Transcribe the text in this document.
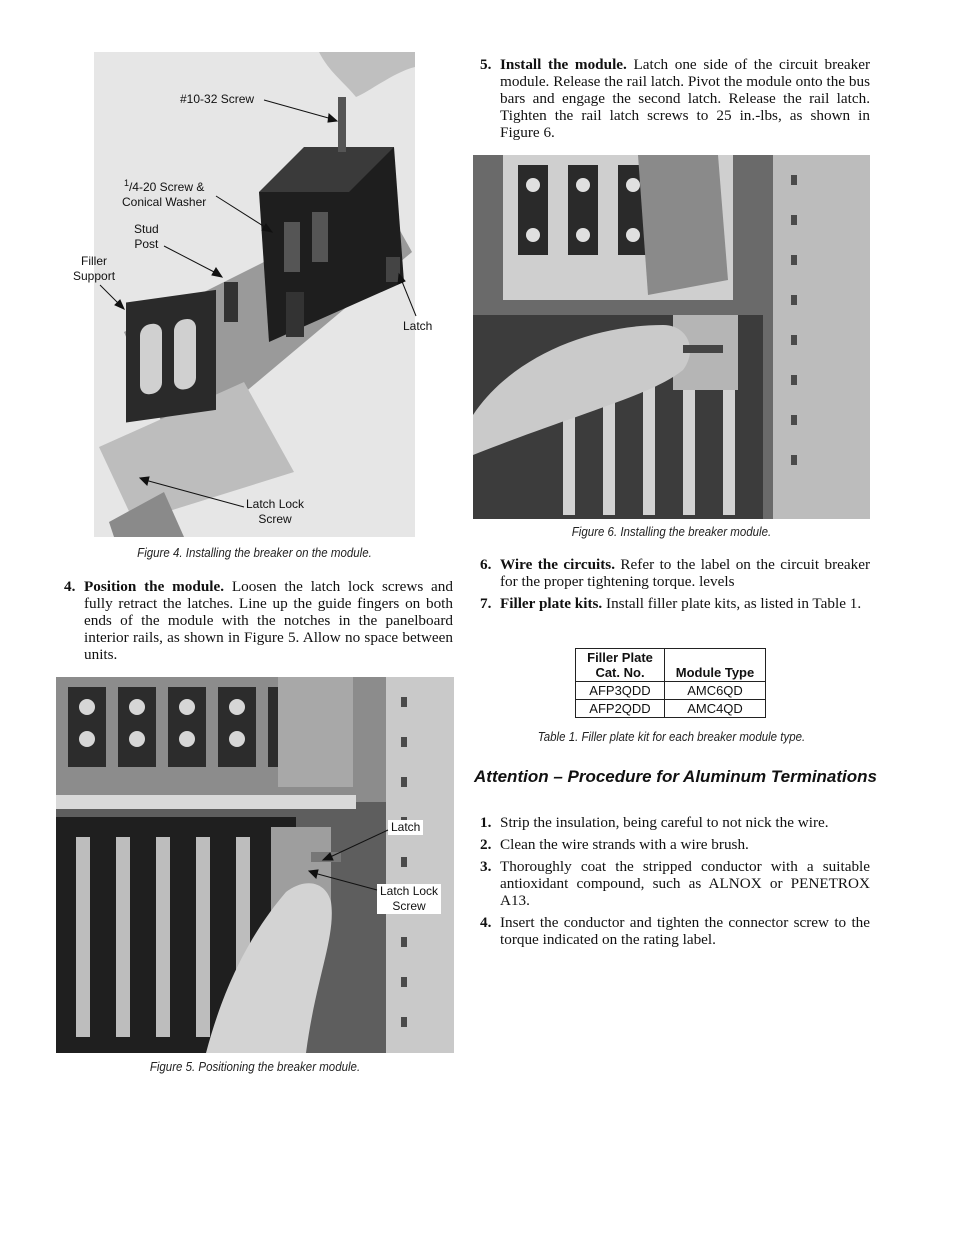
#10-32 Screw
$^1$/4-20 Screw &
Conical Washer
Stud
Post
Filler
Support
Latch
Latch Lock
Screw
Figure 4. Installing the breaker on the module.
4. Position the module. Loosen the latch lock screws and fully retract the latches. Line up the guide fingers on both ends of the module with the notches in the panelboard interior rails, as shown in Figure 5. Allow no space between units.
Latch
Latch Lock
Screw
Figure 5. Positioning the breaker module.
5. Install the module. Latch one side of the circuit breaker module. Release the rail latch. Pivot the module onto the bus bars and engage the second latch. Release the rail latch. Tighten the rail latch screws to 25 in.-lbs, as shown in Figure 6.
Figure 6. Installing the breaker module.
6. Wire the circuits. Refer to the label on the circuit breaker for the proper tightening torque. levels
7. Filler plate kits. Install filler plate kits, as listed in Table 1.
Filler Plate
Cat. No.	Module Type
AFP3QDD	AMC6QD
AFP2QDD	AMC4QD
Table 1. Filler plate kit for each breaker module type.
Attention – Procedure for Aluminum Terminations
1. Strip the insulation, being careful to not nick the wire.
2. Clean the wire strands with a wire brush.
3. Thoroughly coat the stripped conductor with a suitable antioxidant compound, such as ALNOX or PENETROX A13.
4. Insert the conductor and tighten the connector screw to the torque indicated on the rating label.
